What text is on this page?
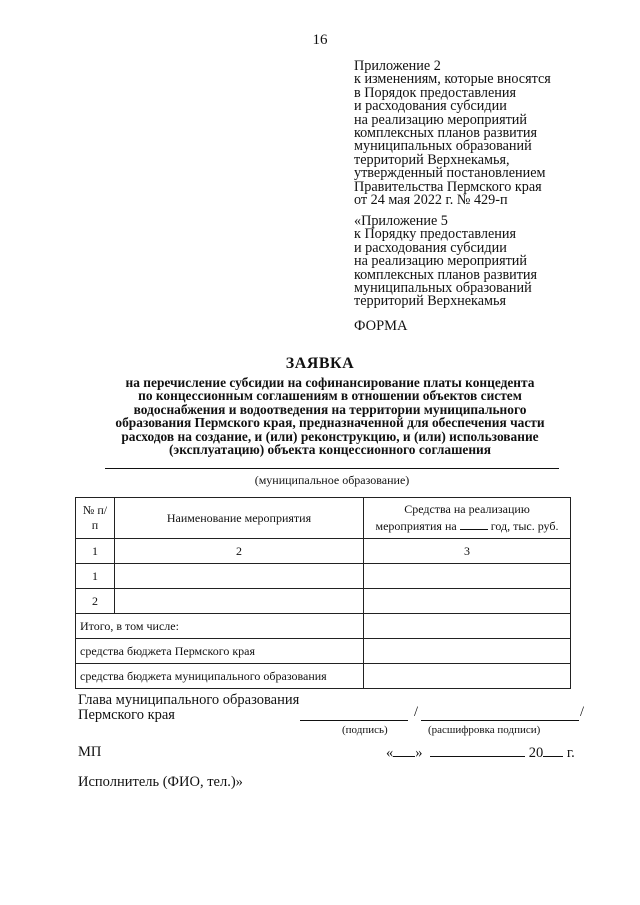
16
Приложение 2
к изменениям, которые вносятся
в Порядок предоставления
и расходования субсидии
на реализацию мероприятий
комплексных планов развития
муниципальных образований
территорий Верхнекамья,
утвержденный постановлением
Правительства Пермского края
от 24 мая 2022 г. № 429-п
«Приложение 5
к Порядку предоставления
и расходования субсидии
на реализацию мероприятий
комплексных планов развития
муниципальных образований
территорий Верхнекамья
ФОРМА
ЗАЯВКА
на перечисление субсидии на софинансирование платы концедента
по концессионным соглашениям в отношении объектов систем
водоснабжения и водоотведения на территории муниципального
образования Пермского края, предназначенной для обеспечения части
расходов на создание, и (или) реконструкцию, и (или) использование
(эксплуатацию) объекта концессионного соглашения
(муниципальное образование)
№ п/п	Наименование мероприятия	Средства на реализацию
мероприятия на год, тыс. руб.
1	2	3
1		
2		
Итого, в том числе:		
средства бюджета Пермского края		
средства бюджета муниципального образования		
Глава муниципального образования
Пермского края	/	/
(подпись)	(расшифровка подписи)
МП	« »	20 г.
Исполнитель (ФИО, тел.)»
